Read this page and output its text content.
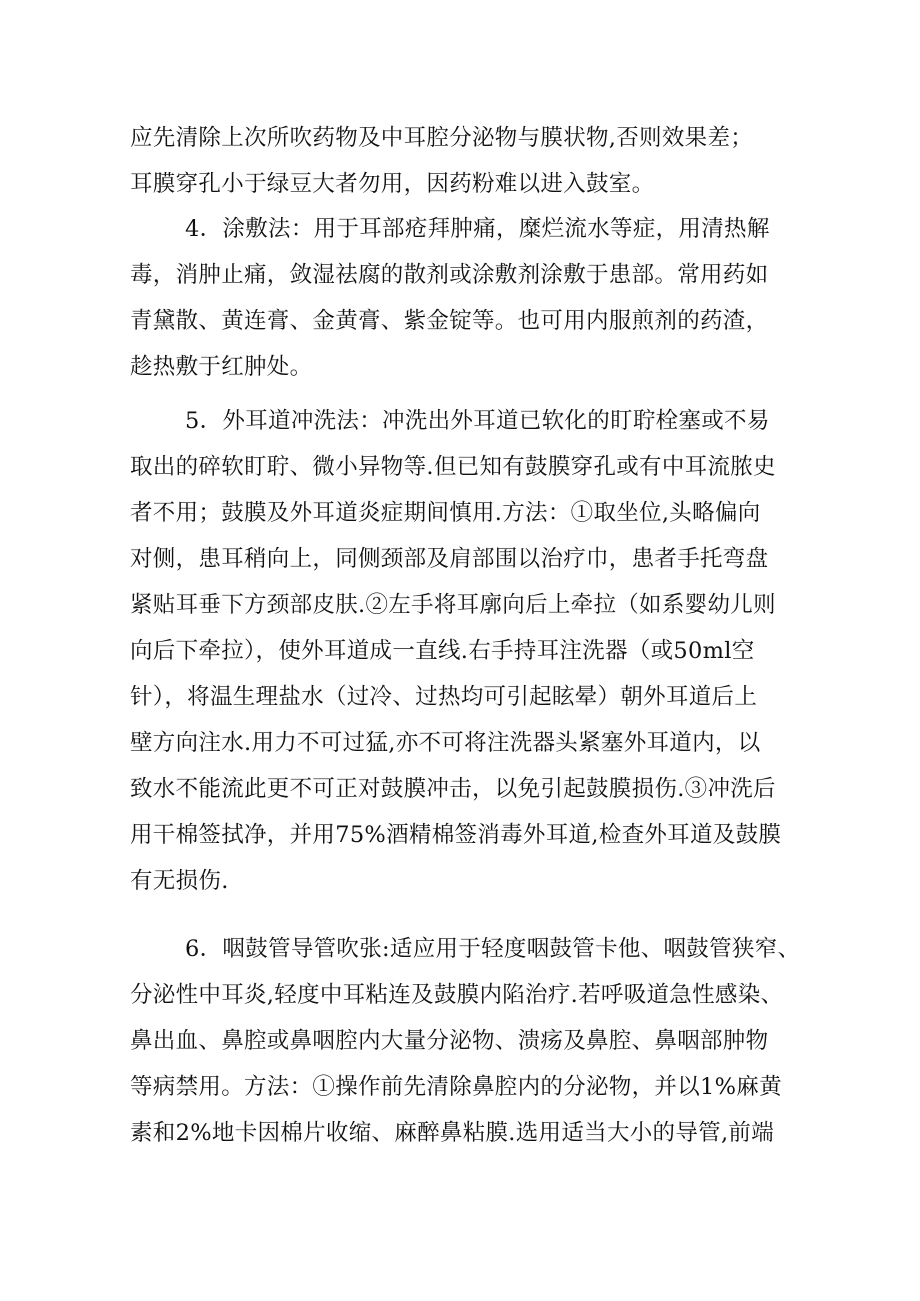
应先清除上次所吹药物及中耳腔分泌物与膜状物,否则效果差；
耳膜穿孔小于绿豆大者勿用，因药粉难以进入鼓室。
4．涂敷法：用于耳部疮拜肿痛，糜烂流水等症，用清热解
毒，消肿止痛，敛湿祛腐的散剂或涂敷剂涂敷于患部。常用药如
青黛散、黄连膏、金黄膏、紫金锭等。也可用内服煎剂的药渣，
趁热敷于红肿处。
5．外耳道冲洗法：冲洗出外耳道已软化的盯聍栓塞或不易
取出的碎软盯聍、微小异物等.但已知有鼓膜穿孔或有中耳流脓史
者不用；鼓膜及外耳道炎症期间慎用.方法：①取坐位,头略偏向
对侧，患耳稍向上，同侧颈部及肩部围以治疗巾，患者手托弯盘
紧贴耳垂下方颈部皮肤.②左手将耳廓向后上牵拉（如系婴幼儿则
向后下牵拉），使外耳道成一直线.右手持耳注洗器（或50ml空
针），将温生理盐水（过冷、过热均可引起眩晕）朝外耳道后上
壁方向注水.用力不可过猛,亦不可将注洗器头紧塞外耳道内，以
致水不能流此更不可正对鼓膜冲击，以免引起鼓膜损伤.③冲洗后
用干棉签拭净，并用75%酒精棉签消毒外耳道,检查外耳道及鼓膜
有无损伤.
6．咽鼓管导管吹张:适应用于轻度咽鼓管卡他、咽鼓管狭窄、
分泌性中耳炎,轻度中耳粘连及鼓膜内陷治疗.若呼吸道急性感染、
鼻出血、鼻腔或鼻咽腔内大量分泌物、溃疡及鼻腔、鼻咽部肿物
等病禁用。方法：①操作前先清除鼻腔内的分泌物，并以1%麻黄
素和2%地卡因棉片收缩、麻醉鼻粘膜.选用适当大小的导管,前端
